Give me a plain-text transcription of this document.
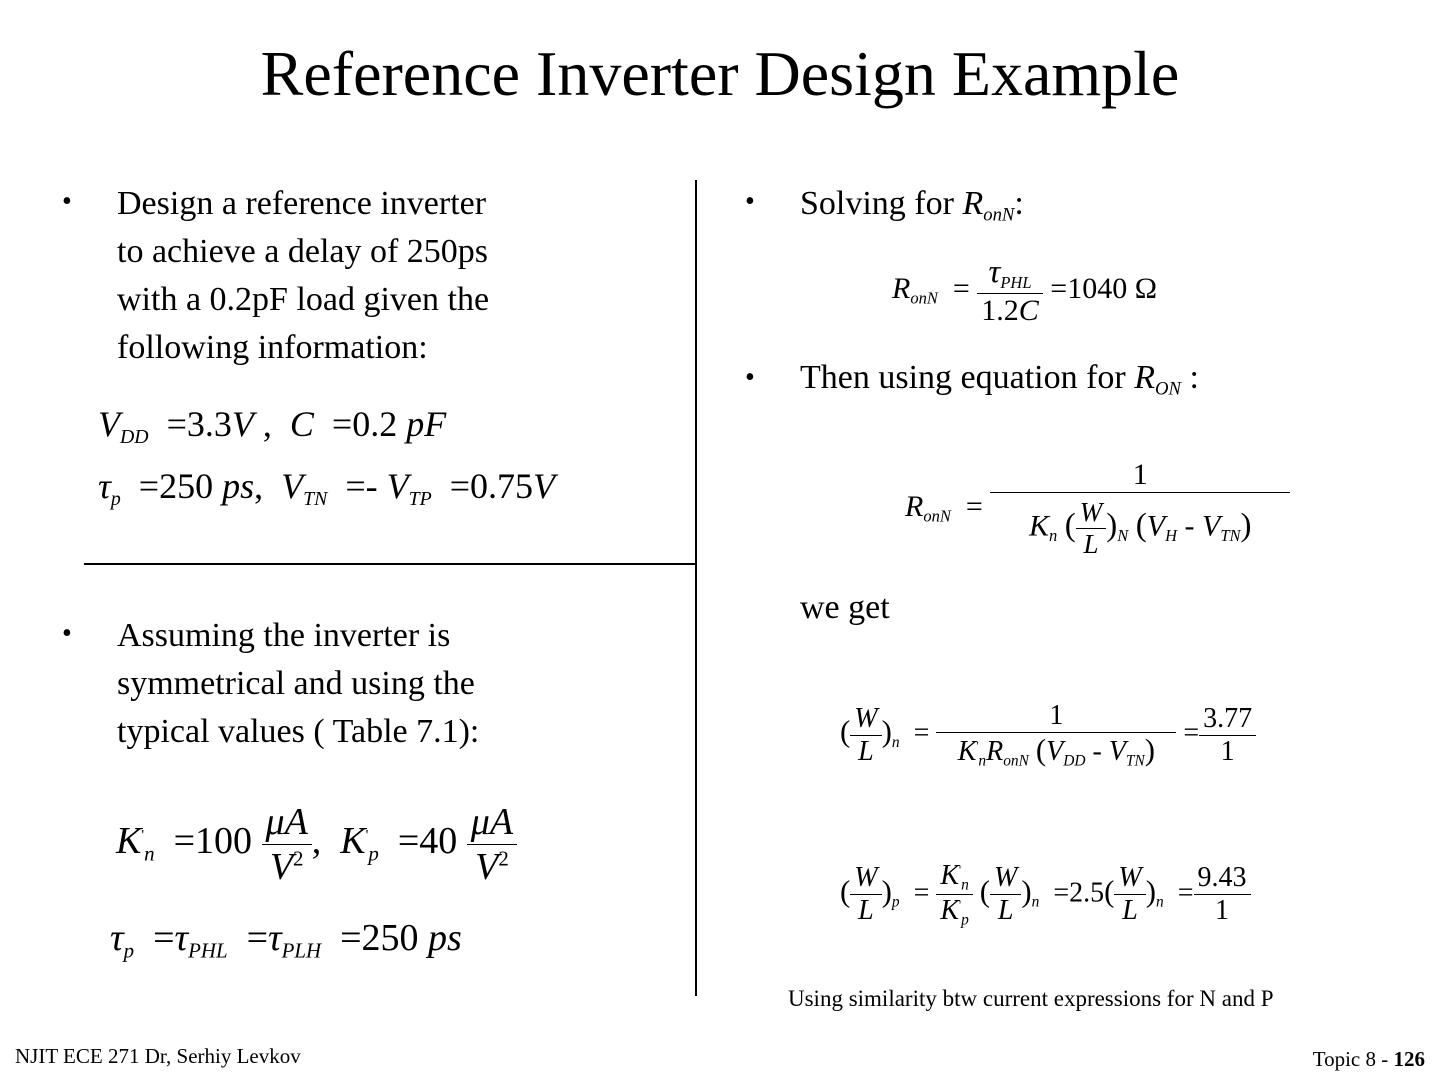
Reference Inverter Design Example
• Design a reference inverter
to achieve a delay of 250ps
with a 0.2pF load given the
following information:
$V_{DD} =3.3V$ ,  C  =0.2 pF
$\tau_p =250$ ps,  $V_{TN} =- V_{TP} =0.75V$
• Assuming the inverter is
symmetrical and using the
typical values ( Table 7.1):
$K'_n =100 \frac{\mu A}{V^2}$ ,  $K'_p =40 \frac{\mu A}{V^2}$
$\tau_p =\tau_{PHL} =\tau_{PLH} =250$ ps
• Solving for $R_{onN}$:
$R_{onN} = \frac{\tau_{PHL}}{1.2C} =1040$ Ω
• Then using equation for $R_{ON}$ :
$R_{onN} = \frac{1}{K_n ( \frac{W}{L} )_N (V_H - V_{TN})}$
we get
( $\frac{W}{L} )_n = \frac{1}{K'_nR_{onN} (V_{DD} - V_{TN})} = \frac{3.77}{1}$
( $\frac{W}{L} )_p = \frac{K'_n}{K'_p}$ ( $\frac{W}{L} )_n =2.5( \frac{W}{L} )_n = \frac{9.43}{1}$
Using similarity btw current expressions for N and P
NJIT ECE 271 Dr, Serhiy Levkov	Topic 8 - 126
